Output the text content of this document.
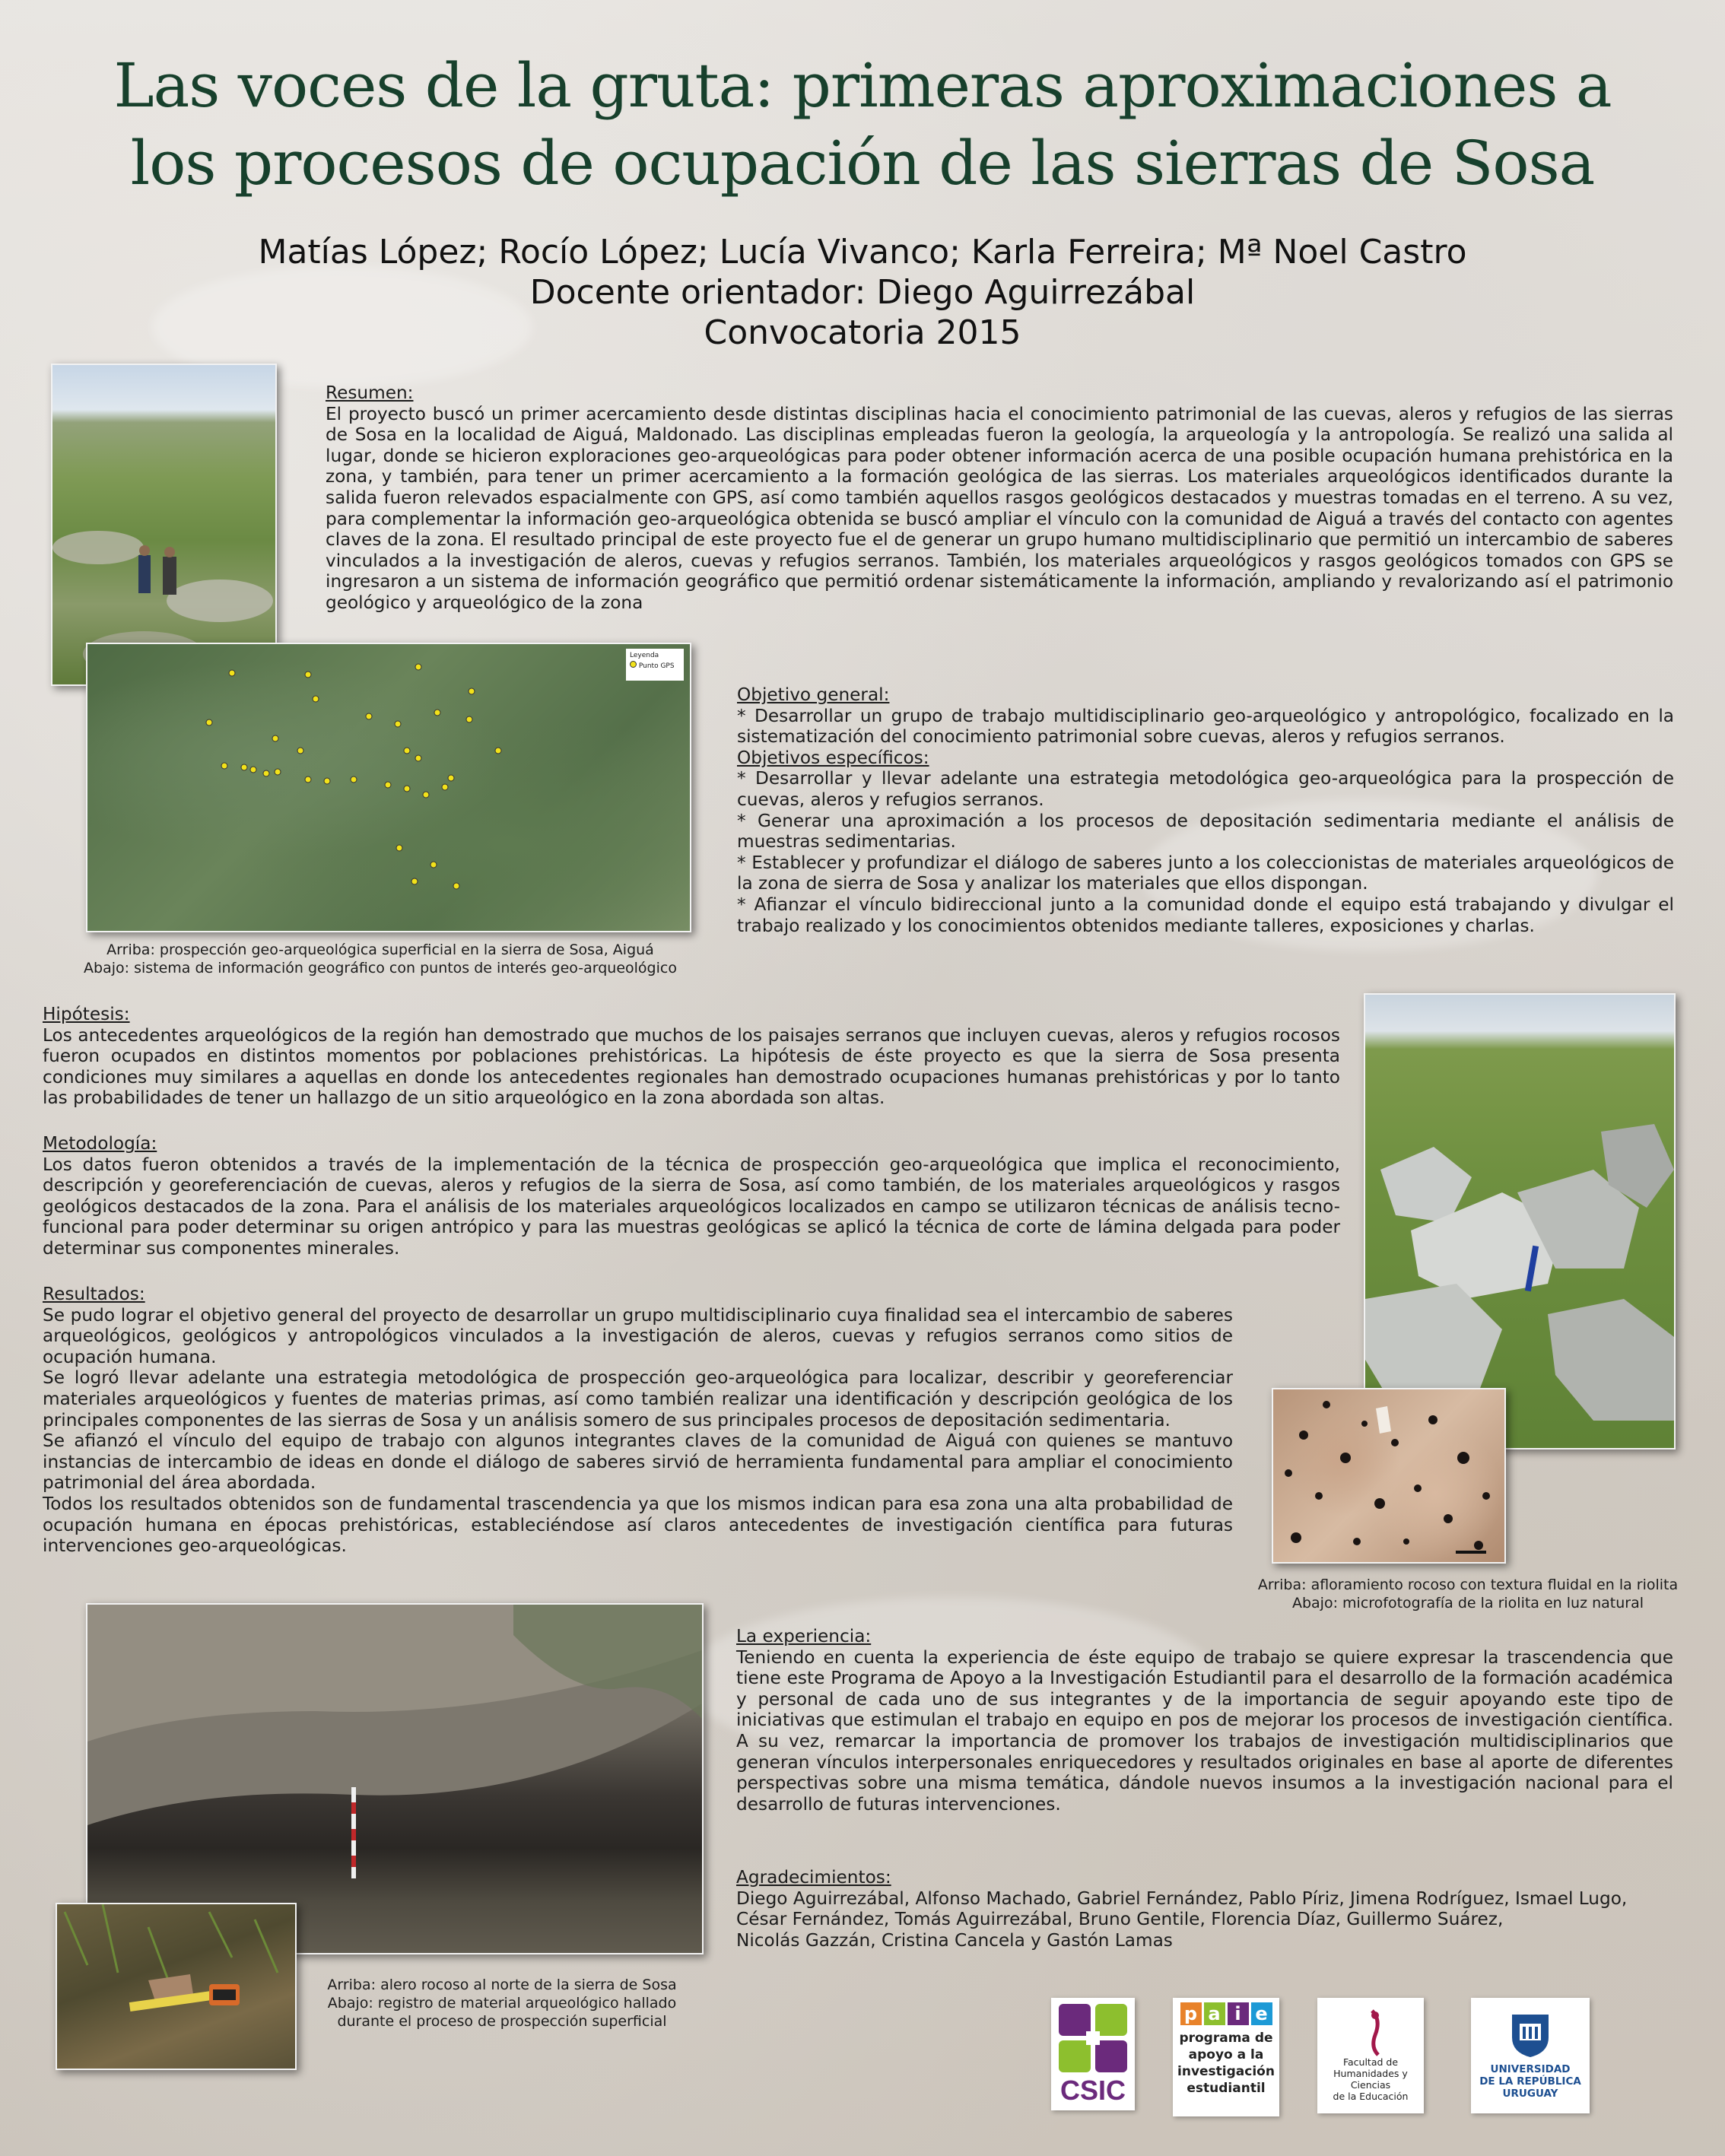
Las voces de la gruta: primeras aproximaciones a
los procesos de ocupación de las sierras de Sosa
Matías López; Rocío López; Lucía Vivanco; Karla Ferreira; Mª Noel Castro
Docente orientador: Diego Aguirrezábal
Convocatoria 2015
Resumen:

El proyecto buscó un primer acercamiento desde distintas disciplinas hacia el conocimiento patrimonial de las cuevas, aleros y refugios de las sierras de Sosa en la localidad de Aiguá, Maldonado. Las disciplinas empleadas fueron la geología, la arqueología y la antropología. Se realizó una salida al lugar, donde se hicieron exploraciones geo-arqueológicas para poder obtener información acerca de una posible ocupación humana prehistórica en la zona, y también, para tener un primer acercamiento a la formación geológica de las sierras. Los materiales arqueológicos identificados durante la salida fueron relevados espacialmente con GPS, así como también aquellos rasgos geológicos destacados y muestras tomadas en el terreno. A su vez, para complementar la información geo-arqueológica obtenida se buscó ampliar el vínculo con la comunidad de Aiguá a través del contacto con agentes claves de la zona. El resultado principal de este proyecto fue el de generar un grupo humano multidisciplinario que permitió un intercambio de saberes vinculados a la investigación de aleros, cuevas y refugios serranos. También, los materiales arqueológicos y rasgos geológicos tomados con GPS se ingresaron a un sistema de información geográfico que permitió ordenar sistemáticamente la información, ampliando y revalorizando así el patrimonio geológico y arqueológico de la zona

Leyenda
Punto GPS
Arriba: prospección geo-arqueológica superficial en la sierra de Sosa, Aiguá
Abajo: sistema de información geográfico con puntos de interés geo-arqueológico
Objetivo general:

* Desarrollar un grupo de trabajo multidisciplinario geo-arqueológico y antropológico, focalizado en la sistematización del conocimiento patrimonial sobre cuevas, aleros y refugios serranos.

Objetivos específicos:

* Desarrollar y llevar adelante una estrategia metodológica geo-arqueológica para la prospección de cuevas, aleros y refugios serranos.

* Generar una aproximación a los procesos de depositación sedimentaria mediante el análisis de muestras sedimentarias.

* Establecer y profundizar el diálogo de saberes junto a los coleccionistas de materiales arqueológicos de la zona de sierra de Sosa y analizar los materiales que ellos dispongan.

* Afianzar el vínculo bidireccional junto a la comunidad donde el equipo está trabajando y divulgar el trabajo realizado y los conocimientos obtenidos mediante talleres, exposiciones y charlas.

Hipótesis:

Los antecedentes arqueológicos de la región han demostrado que muchos de los paisajes serranos que incluyen cuevas, aleros y refugios rocosos fueron ocupados en distintos momentos por poblaciones prehistóricas. La hipótesis de éste proyecto es que la sierra de Sosa presenta condiciones muy similares a aquellas en donde los antecedentes regionales han demostrado ocupaciones humanas prehistóricas y por lo tanto las probabilidades de tener un hallazgo de un sitio arqueológico en la zona abordada son altas.

Metodología:

Los datos fueron obtenidos a través de la implementación de la técnica de prospección geo-arqueológica que implica el reconocimiento, descripción y georeferenciación de cuevas, aleros y refugios de la sierra de Sosa, así como también, de los materiales arqueológicos y rasgos geológicos destacados de la zona. Para el análisis de los materiales arqueológicos localizados en campo se utilizaron técnicas de análisis tecno-funcional para poder determinar su origen antrópico y para las muestras geológicas se aplicó la técnica de corte de lámina delgada para poder determinar sus componentes minerales.

Resultados:

Se pudo lograr el objetivo general del proyecto de desarrollar un grupo multidisciplinario cuya finalidad sea el intercambio de saberes arqueológicos, geológicos y antropológicos vinculados a la investigación de aleros, cuevas y refugios serranos como sitios de ocupación humana.

Se logró llevar adelante una estrategia metodológica de prospección geo-arqueológica para localizar, describir y georeferenciar materiales arqueológicos y fuentes de materias primas, así como también realizar una identificación y descripción geológica de los principales componentes de las sierras de Sosa y un análisis somero de sus principales procesos de depositación sedimentaria.

Se afianzó el vínculo del equipo de trabajo con algunos integrantes claves de la comunidad de Aiguá con quienes se mantuvo instancias de intercambio de ideas en donde el diálogo de saberes sirvió de herramienta fundamental para ampliar el conocimiento patrimonial del área abordada.

Todos los resultados obtenidos son de fundamental trascendencia ya que los mismos indican para esa zona una alta probabilidad de ocupación humana en épocas prehistóricas, estableciéndose así claros antecedentes de investigación científica para futuras intervenciones geo-arqueológicas.

Arriba: afloramiento rocoso con textura fluidal en la riolita
Abajo: microfotografía de la riolita en luz natural
Arriba: alero rocoso al norte de la sierra de Sosa
Abajo: registro de material arqueológico hallado
durante el proceso de prospección superficial
La experiencia:

Teniendo en cuenta la experiencia de éste equipo de trabajo se quiere expresar la trascendencia que tiene este Programa de Apoyo a la Investigación Estudiantil para el desarrollo de la formación académica y personal de cada uno de sus integrantes y de la importancia de seguir apoyando este tipo de iniciativas que estimulan el trabajo en equipo en pos de mejorar los procesos de investigación científica. A su vez, remarcar la importancia de promover los trabajos de investigación multidisciplinarios que generan vínculos interpersonales enriquecedores y resultados originales en base al aporte de diferentes perspectivas sobre una misma temática, dándole nuevos insumos a la investigación nacional para el desarrollo de futuras intervenciones.

Agradecimientos:
Diego Aguirrezábal, Alfonso Machado, Gabriel Fernández, Pablo Píriz, Jimena Rodríguez, Ismael Lugo,
César Fernández, Tomás Aguirrezábal, Bruno Gentile, Florencia Díaz, Guillermo Suárez,
Nicolás Gazzán, Cristina Cancela y Gastón Lamas
CSIC
p a i e
programa de
apoyo a la
investigación
estudiantil
Facultad de
Humanidades y
Ciencias
de la Educación
UNIVERSIDAD
DE LA REPÚBLICA
URUGUAY
